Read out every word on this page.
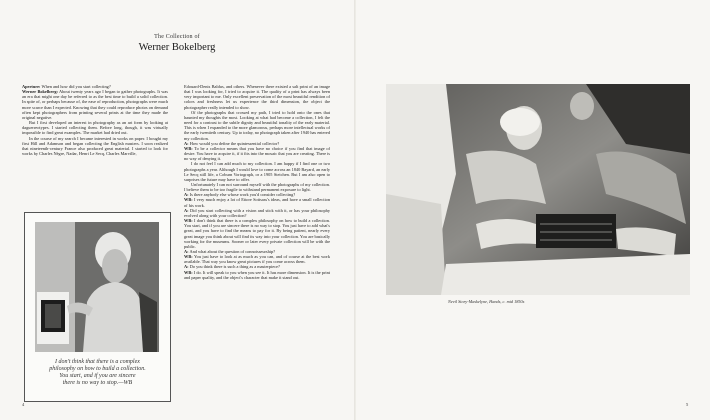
The Collection of
Werner Bokelberg

Aperture: When and how did you start collecting?

Werner Bokelberg: About twenty years ago I began to gather photographs. It was an era that might one day be referred to as the best time to build a solid collection. In spite of, or perhaps because of, the ease of reproduction, photographs were much more scarce than I expected. Knowing that they could reproduce photos on demand often kept photographers from printing several prints at the time they made the original negative.

But I first developed an interest in photography as an art form by looking at daguerreotypes. I started collecting them. Before long, though, it was virtually impossible to find great examples. The market had dried out.

In the course of my search I became interested in works on paper. I bought my first Hill and Adamson and began collecting the English masters. I soon realized that nineteenth-century France also produced great material. I started to look for works by Charles Nègre, Nadar, Henri Le Secq, Charles Marville,

I don't think that there is a complex
philosophy on how to build a collection.
You start, and if you are sincere
there is no way to stop.—WB

Edouard-Denis Baldus, and others. Whenever there existed a salt print of an image that I was looking for, I tried to acquire it. The quality of a print has always been very important to me. Only excellent preservation of the most beautiful rendition of colors and freshness let us experience the third dimension, the object the photographer really intended to show.

Of the photographs that crossed my path, I tried to hold onto the ones that haunted my thoughts the most. Looking at what had become a collection, I felt the need for a contrast to the subtle dignity and beautiful tonality of the early material. This is when I expanded to the more glamorous, perhaps more intellectual works of the early twentieth century. Up to today, no photograph taken after 1940 has entered my collection.

A: How would you define the quintessential collector?

WB: To be a collector means that you have no choice if you find that image of desire. You have to acquire it, if it fits into the mosaic that you are creating. There is no way of denying it.

I do not feel I can add much to my collection. I am happy if I find one or two photographs a year. Although I would love to come across an 1840 Bayard, an early Le Secq still life, a Coburn Vortograph, or a 1905 Steichen. But I am also open to surprises the future may have to offer.

Unfortunately I can not surround myself with the photographs of my collection. I believe them to be too fragile to withstand permanent exposure to light.

A: Is there anybody else whose work you'd consider collecting?

WB: I very much enjoy a lot of Ettore Sottsass's ideas, and have a small collection of his work.

A: Did you start collecting with a vision and stick with it, or has your philosophy evolved along with your collection?

WB: I don't think that there is a complex philosophy on how to build a collection. You start, and if you are sincere there is no way to stop. You just have to add what's great, and you have to find the means to pay for it. By being patient, nearly every great image you think about will find its way into your collection. You are basically working for the museums. Sooner or later every private collection will be with the public.

A: And what about the question of connoisseurship?

WB: You just have to look at as much as you can, and of course at the best work available. That way you know great pictures if you come across them.

A: Do you think there is such a thing as a masterpiece?

WB: I do. It will speak to you when you see it. It has more dimension. It is the print and paper quality, and the object's character that make it stand out.

Nevil Story-Maskelyne, Hands, c. mid 1850s
4	5
